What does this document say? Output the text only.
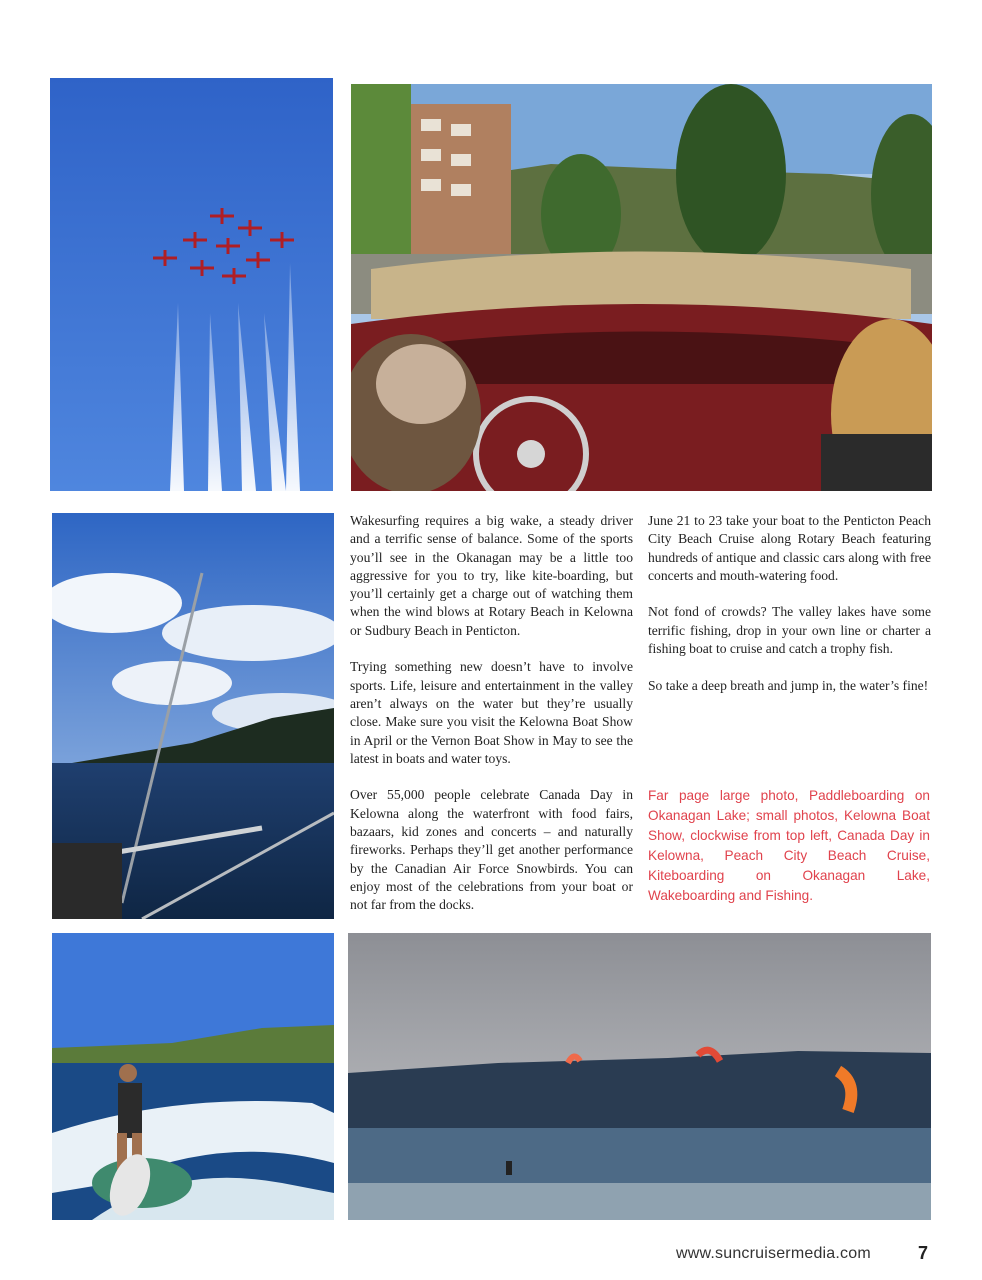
Wakesurfing requires a big wake, a steady driver and a terrific sense of balance. Some of the sports you’ll see in the Okanagan may be a little too aggressive for you to try, like kite-boarding, but you’ll certainly get a charge out of watching them when the wind blows at Rotary Beach in Kelowna or Sudbury Beach in Penticton.

Trying something new doesn’t have to involve sports. Life, leisure and entertainment in the valley aren’t always on the water but they’re usually close. Make sure you visit the Kelowna Boat Show in April or the Vernon Boat Show in May to see the latest in boats and water toys.

Over 55,000 people celebrate Canada Day in Kelowna along the waterfront with food fairs, bazaars, kid zones and concerts – and naturally fireworks. Perhaps they’ll get another performance by the Canadian Air Force Snowbirds. You can enjoy most of the celebrations from your boat or not far from the docks.

June 21 to 23 take your boat to the Penticton Peach City Beach Cruise along Rotary Beach featuring hundreds of antique and classic cars along with free concerts and mouth-watering food.

Not fond of crowds? The valley lakes have some terrific fishing, drop in your own line or charter a fishing boat to cruise and catch a trophy fish.

So take a deep breath and jump in, the water’s fine!

Far page large photo, Paddleboarding on Okanagan Lake; small photos, Kelowna Boat Show, clockwise from top left, Canada Day in Kelowna, Peach City Beach Cruise, Kiteboarding on Okanagan Lake, Wakeboarding and Fishing.

www.suncruisermedia.com	7
